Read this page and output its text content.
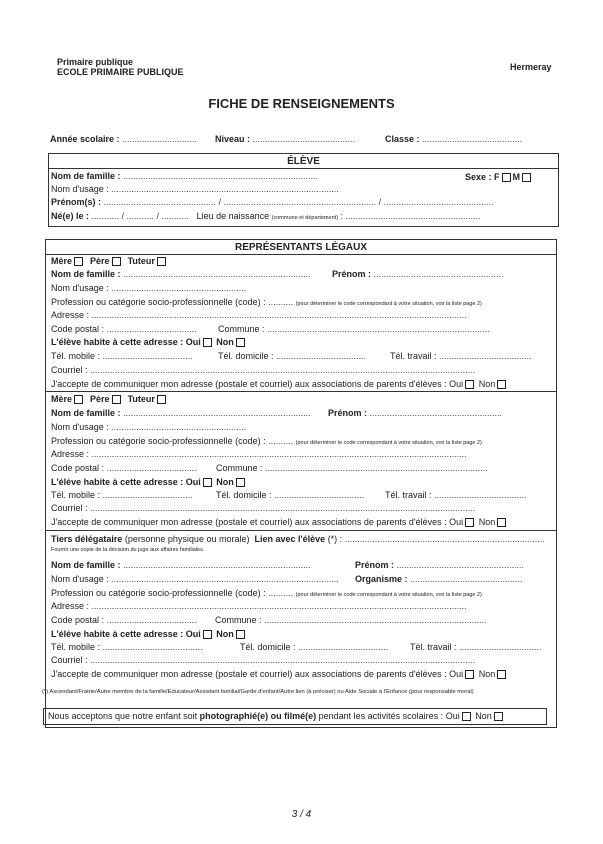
Primaire publique
ECOLE PRIMAIRE PUBLIQUE	Hermeray
FICHE DE RENSEIGNEMENTS
Année scolaire : .............................. Niveau : .........................................	Classe : ........................................
ÉLÈVE
Nom de famille : ..............................................................................	Sexe : F M
Nom d'usage : ...........................................................................................
Prénom(s) : ............................................. / ............................................................. / ............................................
Né(e) le : ........... / ........... / ........... Lieu de naissance (commune et département) : ......................................................
REPRÉSENTANTS LÉGAUX
Mère Père Tuteur
Nom de famille : ........................................................................... Prénom : ....................................................
Nom d'usage : ......................................................
Profession ou catégorie socio-professionnelle (code) : .......... (pour déterminer le code correspondant à votre situation, voir la liste page 2)
Adresse : ......................................................................................................................................................
Code postal : .................................... Commune : .........................................................................................
L'élève habite à cette adresse : Oui Non
Tél. mobile : ....................................	Tél. domicile : ....................................	Tél. travail : .....................................
Courriel : ..........................................................................................................................................................
J'accepte de communiquer mon adresse (postale et courriel) aux associations de parents d'élèves : Oui Non
Mère Père Tuteur
Nom de famille : ........................................................................... Prénom : .....................................................
Nom d'usage : ......................................................
Profession ou catégorie socio-professionnelle (code) : .......... (pour déterminer le code correspondant à votre situation, voir la liste page 2)
Adresse : ......................................................................................................................................................
Code postal : .................................... Commune : .........................................................................................
L'élève habite à cette adresse : Oui Non
Tél. mobile : ....................................	Tél. domicile : .................................... Tél. travail : .....................................
Courriel : ..........................................................................................................................................................
J'accepte de communiquer mon adresse (postale et courriel) aux associations de parents d'élèves : Oui Non
Tiers délégataire (personne physique ou morale) Lien avec l'élève (*) : ................................................................................
Fournir une copie de la décision du juge aux affaires familiales.
Nom de famille : ...........................................................................	Prénom : ...................................................
Nom d'usage : ........................................................................................... Organisme : .............................................
Profession ou catégorie socio-professionnelle (code) : .......... (pour déterminer le code correspondant à votre situation, voir la liste page 2)
Adresse : ......................................................................................................................................................
Code postal : .................................... Commune : .........................................................................................
L'élève habite à cette adresse : Oui Non
Tél. mobile : ........................................	Tél. domicile : .................................... Tél. travail : .................................
Courriel : ..........................................................................................................................................................
J'accepte de communiquer mon adresse (postale et courriel) aux associations de parents d'élèves : Oui Non
(*) Ascendant/Fratrie/Autre membre de la famille/Educateur/Assistant familial/Garde d'enfant/Autre lien (à préciser) ou Aide Sociale à l'Enfance (pour responsable moral)
Nous acceptons que notre enfant soit photographié(e) ou filmé(e) pendant les activités scolaires : Oui Non
3 / 4
